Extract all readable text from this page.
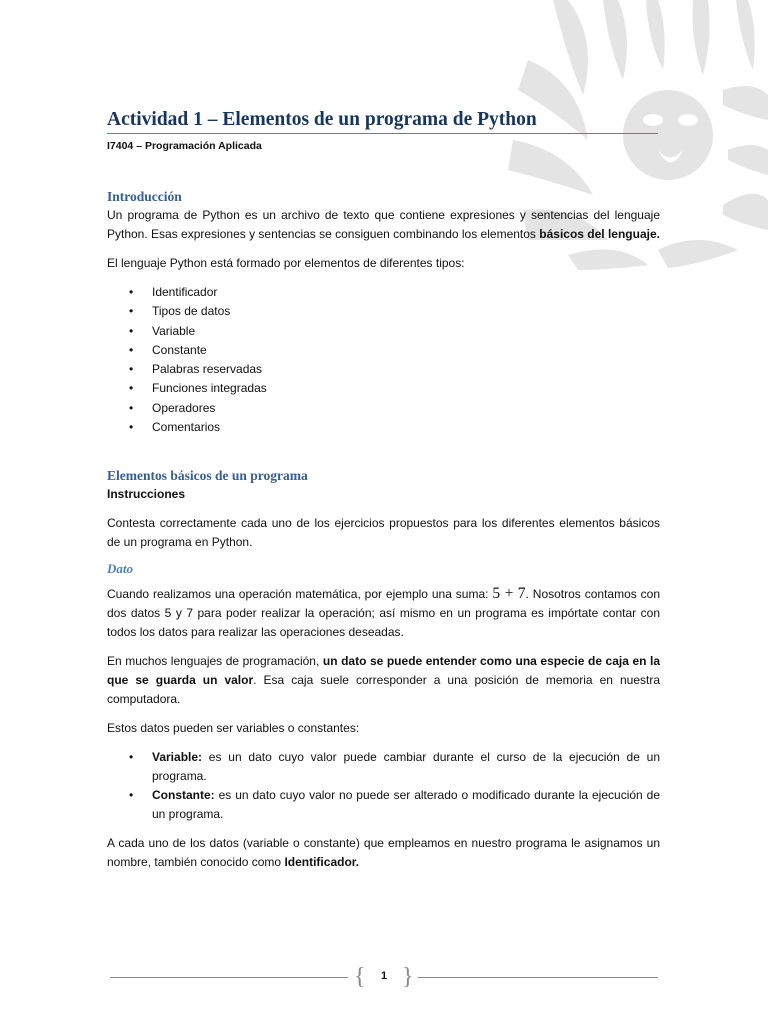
Actividad 1 – Elementos de un programa de Python
I7404 – Programación Aplicada
Introducción

Un programa de Python es un archivo de texto que contiene expresiones y sentencias del lenguaje Python. Esas expresiones y sentencias se consiguen combinando los elementos básicos del lenguaje.

El lenguaje Python está formado por elementos de diferentes tipos:

• Identificador
• Tipos de datos
• Variable
• Constante
• Palabras reservadas
• Funciones integradas
• Operadores
• Comentarios
Elementos básicos de un programa

Instrucciones

Contesta correctamente cada uno de los ejercicios propuestos para los diferentes elementos básicos de un programa en Python.

Dato

Cuando realizamos una operación matemática, por ejemplo una suma: 5 + 7. Nosotros contamos con dos datos 5 y 7 para poder realizar la operación; así mismo en un programa es impórtate contar con todos los datos para realizar las operaciones deseadas.

En muchos lenguajes de programación, un dato se puede entender como una especie de caja en la que se guarda un valor. Esa caja suele corresponder a una posición de memoria en nuestra computadora.

Estos datos pueden ser variables o constantes:

• Variable: es un dato cuyo valor puede cambiar durante el curso de la ejecución de un programa.
• Constante: es un dato cuyo valor no puede ser alterado o modificado durante la ejecución de un programa.

A cada uno de los datos (variable o constante) que empleamos en nuestro programa le asignamos un nombre, también conocido como Identificador.

{ 1 }
